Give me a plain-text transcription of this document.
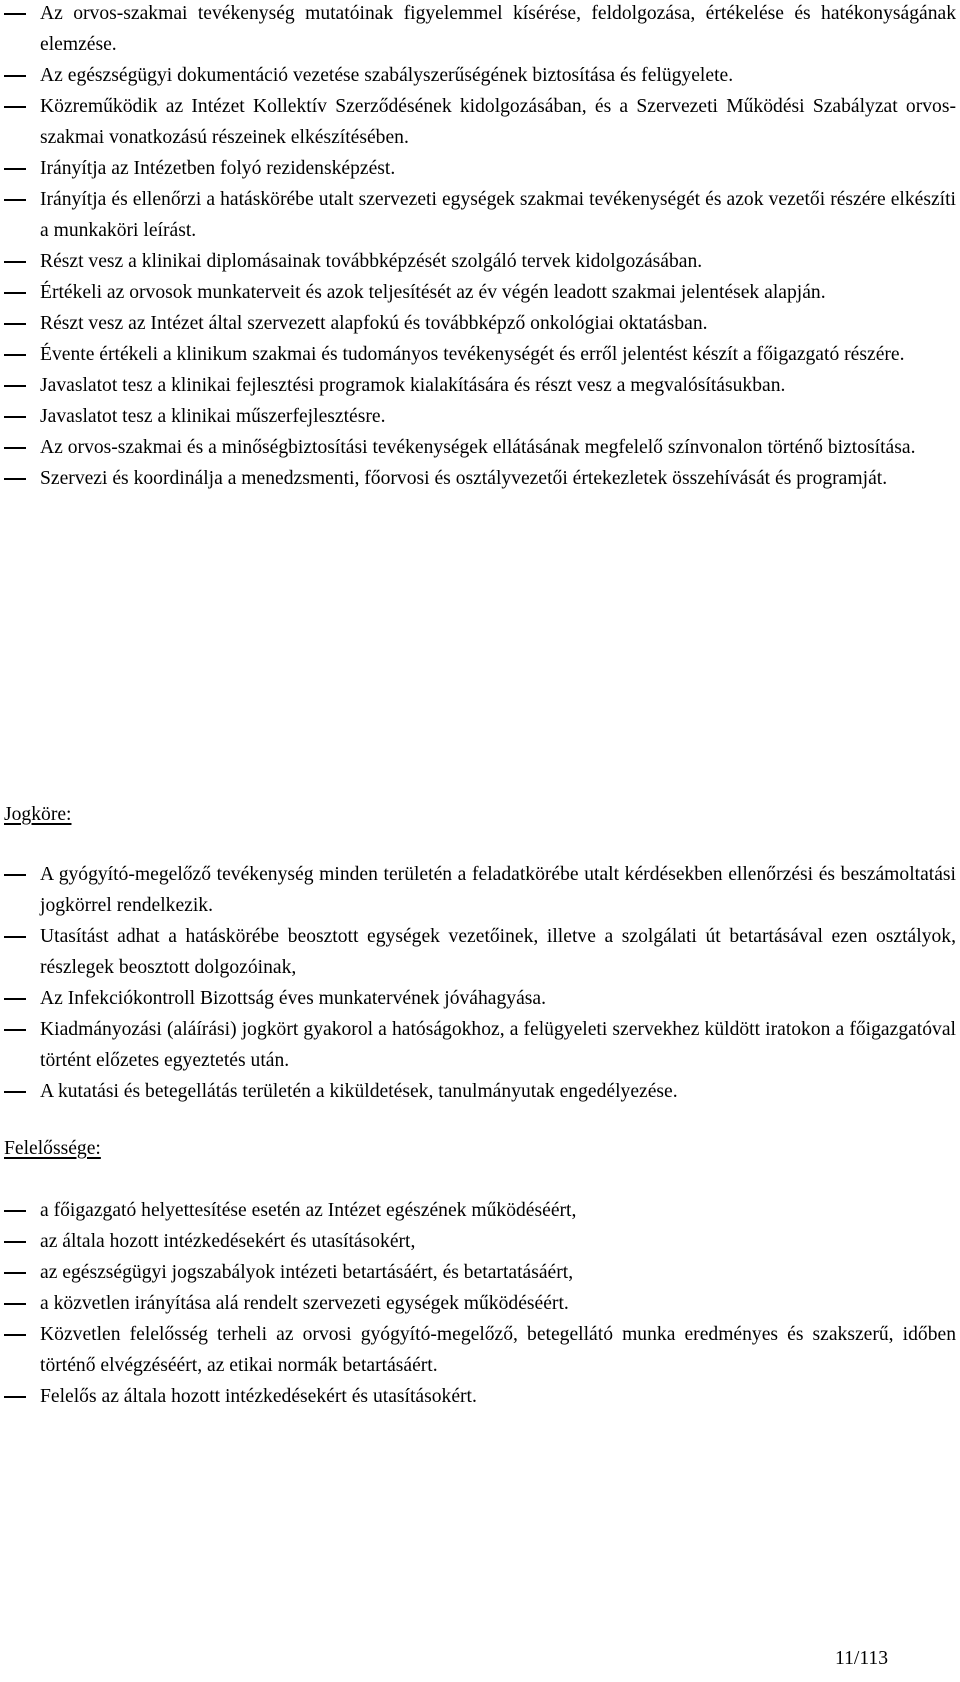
Az orvos-szakmai tevékenység mutatóinak figyelemmel kísérése, feldolgozása, értékelése és hatékonyságának elemzése.
Az egészségügyi dokumentáció vezetése szabályszerűségének biztosítása és felügyelete.
Közreműködik az Intézet Kollektív Szerződésének kidolgozásában, és a Szervezeti Működési Szabályzat orvos-szakmai vonatkozású részeinek elkészítésében.
Irányítja az Intézetben folyó rezidensképzést.
Irányítja és ellenőrzi a hatáskörébe utalt szervezeti egységek szakmai tevékenységét és azok vezetői részére elkészíti a munkaköri leírást.
Részt vesz a klinikai diplomásainak továbbképzését szolgáló tervek kidolgozásában.
Értékeli az orvosok munkaterveit és azok teljesítését az év végén leadott szakmai jelentések alapján.
Részt vesz az Intézet által szervezett alapfokú és továbbképző onkológiai oktatásban.
Évente értékeli a klinikum szakmai és tudományos tevékenységét és erről jelentést készít a főigazgató részére.
Javaslatot tesz a klinikai fejlesztési programok kialakítására és részt vesz a megvalósításukban.
Javaslatot tesz a klinikai műszerfejlesztésre.
Az orvos-szakmai és a minőségbiztosítási tevékenységek ellátásának megfelelő színvonalon történő biztosítása.
Szervezi és koordinálja a menedzsmenti, főorvosi és osztályvezetői értekezletek összehívását és programját.
Jogköre:
A gyógyító-megelőző tevékenység minden területén a feladatkörébe utalt kérdésekben ellenőrzési és beszámoltatási jogkörrel rendelkezik.
Utasítást adhat a hatáskörébe beosztott egységek vezetőinek, illetve a szolgálati út betartásával ezen osztályok, részlegek beosztott dolgozóinak,
Az Infekciókontroll Bizottság éves munkatervének jóváhagyása.
Kiadmányozási (aláírási) jogkört gyakorol a hatóságokhoz, a felügyeleti szervekhez küldött iratokon a főigazgatóval történt előzetes egyeztetés után.
A kutatási és betegellátás területén a kiküldetések, tanulmányutak engedélyezése.
Felelőssége:
a főigazgató helyettesítése esetén az Intézet egészének működéséért,
az általa hozott intézkedésekért és utasításokért,
az egészségügyi jogszabályok intézeti betartásáért, és betartatásáért,
a közvetlen irányítása alá rendelt szervezeti egységek működéséért.
Közvetlen felelősség terheli az orvosi gyógyító-megelőző, betegellátó munka eredményes és szakszerű, időben történő elvégzéséért, az etikai normák betartásáért.
Felelős az általa hozott intézkedésekért és utasításokért.
11/113
